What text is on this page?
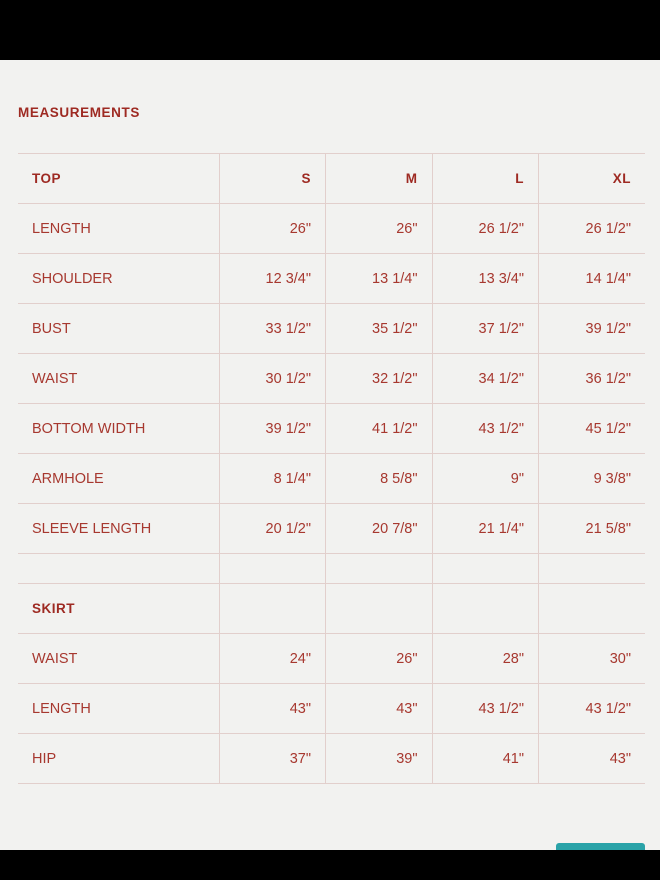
MEASUREMENTS
TOP	S	M	L	XL
LENGTH	26"	26"	26 1/2"	26 1/2"
SHOULDER	12 3/4"	13 1/4"	13 3/4"	14 1/4"
BUST	33 1/2"	35 1/2"	37 1/2"	39 1/2"
WAIST	30 1/2"	32 1/2"	34 1/2"	36 1/2"
BOTTOM WIDTH	39 1/2"	41 1/2"	43 1/2"	45 1/2"
ARMHOLE	8 1/4"	8 5/8"	9"	9 3/8"
SLEEVE LENGTH	20 1/2"	20 7/8"	21 1/4"	21 5/8"

SKIRT				
WAIST	24"	26"	28"	30"
LENGTH	43"	43"	43 1/2"	43 1/2"
HIP	37"	39"	41"	43"
